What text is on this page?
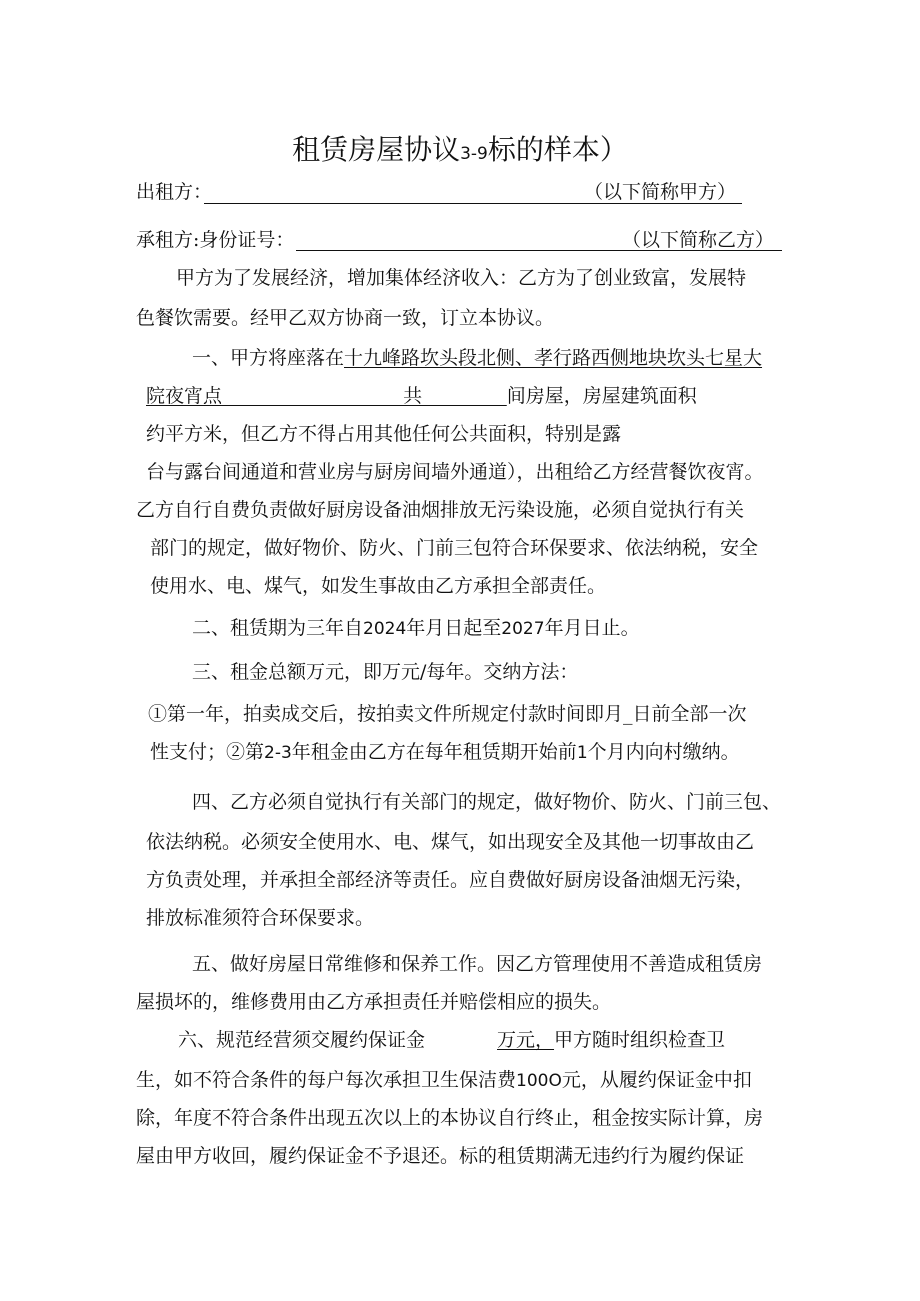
租赁房屋协议3-9标的样本）
出租方：	（以下简称甲方）
承租方:身份证号：	（以下简称乙方）
甲方为了发展经济，增加集体经济收入：乙方为了创业致富，发展特
色餐饮需要。经甲乙双方协商一致，订立本协议。
一、甲方将座落在十九峰路坎头段北侧、孝行路西侧地块坎头七星大
院夜宵点                              共              间房屋，房屋建筑面积
约平方米，但乙方不得占用其他任何公共面积，特别是露
台与露台间通道和营业房与厨房间墙外通道），出租给乙方经营餐饮夜宵。
乙方自行自费负责做好厨房设备油烟排放无污染设施，必须自觉执行有关
部门的规定，做好物价、防火、门前三包符合环保要求、依法纳税，安全
使用水、电、煤气，如发生事故由乙方承担全部责任。
二、租赁期为三年自2024年月日起至2027年月日止。
三、租金总额万元，即万元/每年。交纳方法：
①第一年，拍卖成交后，按拍卖文件所规定付款时间即月_日前全部一次
性支付；②第2-3年租金由乙方在每年租赁期开始前1个月内向村缴纳。
四、乙方必须自觉执行有关部门的规定，做好物价、防火、门前三包、
依法纳税。必须安全使用水、电、煤气，如出现安全及其他一切事故由乙
方负责处理，并承担全部经济等责任。应自费做好厨房设备油烟无污染，
排放标准须符合环保要求。
五、做好房屋日常维修和保养工作。因乙方管理使用不善造成租赁房
屋损坏的，维修费用由乙方承担责任并赔偿相应的损失。
六、规范经营须交履约保证金	万元，甲方随时组织检查卫
生，如不符合条件的每户每次承担卫生保洁费100O元，从履约保证金中扣
除，年度不符合条件出现五次以上的本协议自行终止，租金按实际计算，房
屋由甲方收回，履约保证金不予退还。标的租赁期满无违约行为履约保证
